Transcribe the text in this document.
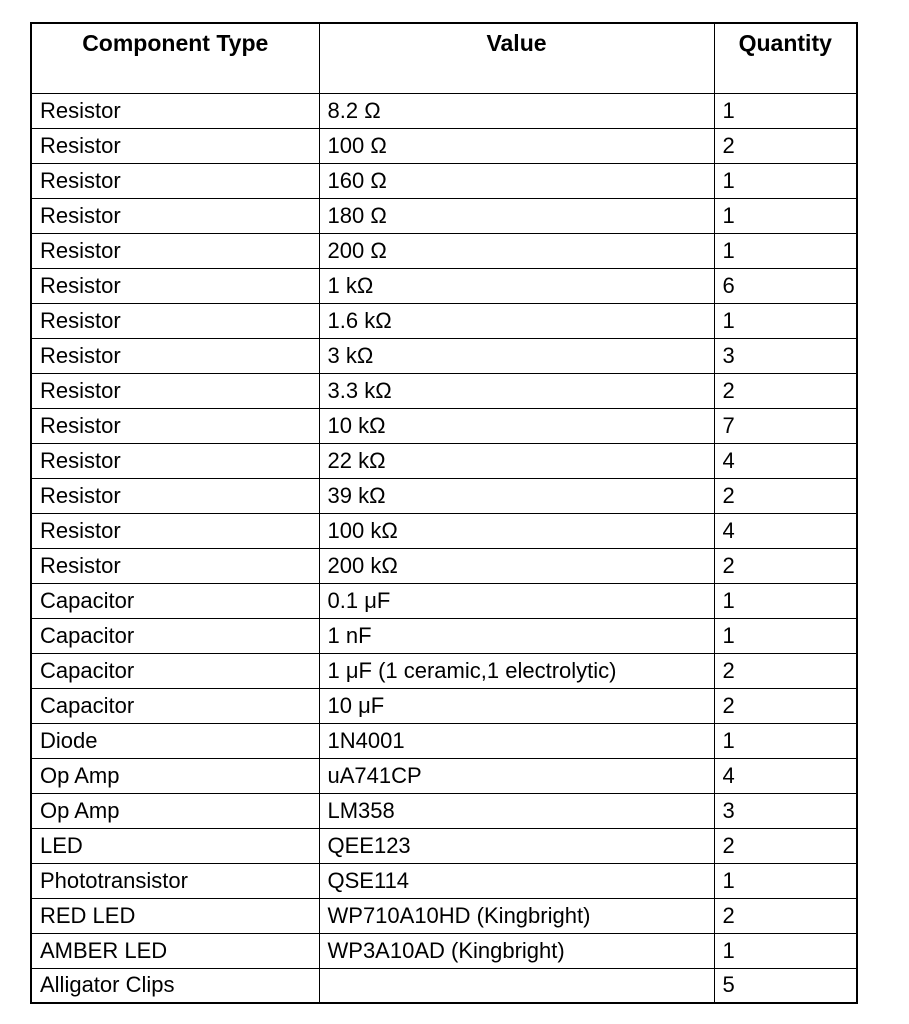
Component Type	Value	Quantity
Resistor	8.2 Ω	1
Resistor	100 Ω	2
Resistor	160 Ω	1
Resistor	180 Ω	1
Resistor	200 Ω	1
Resistor	1 kΩ	6
Resistor	1.6 kΩ	1
Resistor	3 kΩ	3
Resistor	3.3 kΩ	2
Resistor	10 kΩ	7
Resistor	22 kΩ	4
Resistor	39 kΩ	2
Resistor	100 kΩ	4
Resistor	200 kΩ	2
Capacitor	0.1 μF	1
Capacitor	1 nF	1
Capacitor	1 μF (1 ceramic,1 electrolytic)	2
Capacitor	10 μF	2
Diode	1N4001	1
Op Amp	uA741CP	4
Op Amp	LM358	3
LED	QEE123	2
Phototransistor	QSE114	1
RED LED	WP710A10HD (Kingbright)	2
AMBER LED	WP3A10AD (Kingbright)	1
Alligator Clips		5
